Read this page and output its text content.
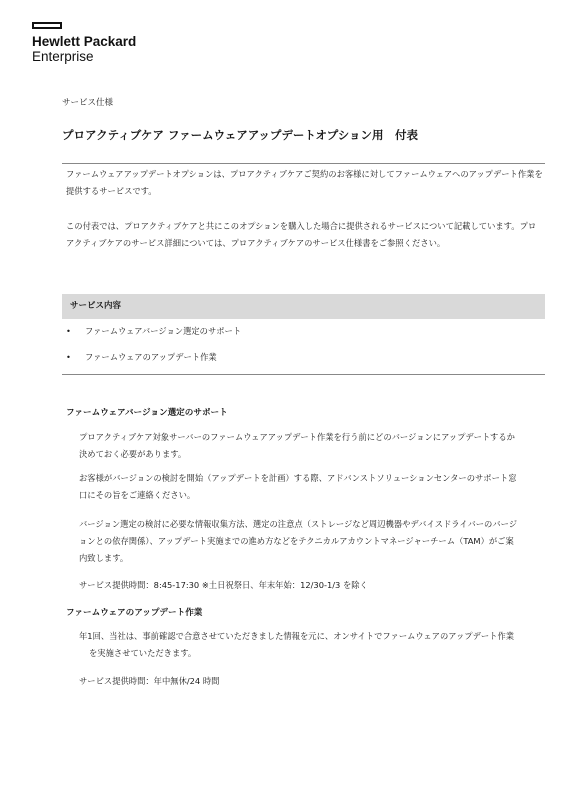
Hewlett Packard
Enterprise
サービス仕様
プロアクティブケア ファームウェアアップデートオプション用　付表

ファームウェアアップデートオプションは、プロアクティブケアご契約のお客様に対してファームウェアへのアップデート作業を提供するサービスです。

この付表では、プロアクティブケアと共にこのオプションを購入した場合に提供されるサービスについて記載しています。プロアクティブケアのサービス詳細については、プロアクティブケアのサービス仕様書をご参照ください。

サービス内容
• ファームウェアバージョン選定のサポート
• ファームウェアのアップデート作業
ファームウェアバージョン選定のサポート

プロアクティブケア対象サーバーのファームウェアアップデート作業を行う前にどのバージョンにアップデートするか決めておく必要があります。

お客様がバージョンの検討を開始（アップデートを計画）する際、アドバンストソリューションセンターのサポート窓口にその旨をご連絡ください。

バージョン選定の検討に必要な情報収集方法、選定の注意点（ストレージなど周辺機器やデバイスドライバーのバージョンとの依存関係）、アップデート実施までの進め方などをテクニカルアカウントマネージャーチーム（TAM）がご案内致します。

サービス提供時間：8:45-17:30 ※土日祝祭日、年末年始：12/30-1/3 を除く

ファームウェアのアップデート作業

年1回、当社は、事前確認で合意させていただきました情報を元に、オンサイトでファームウェアのアップデート作業を実施させていただきます。

サービス提供時間：年中無休/24 時間
